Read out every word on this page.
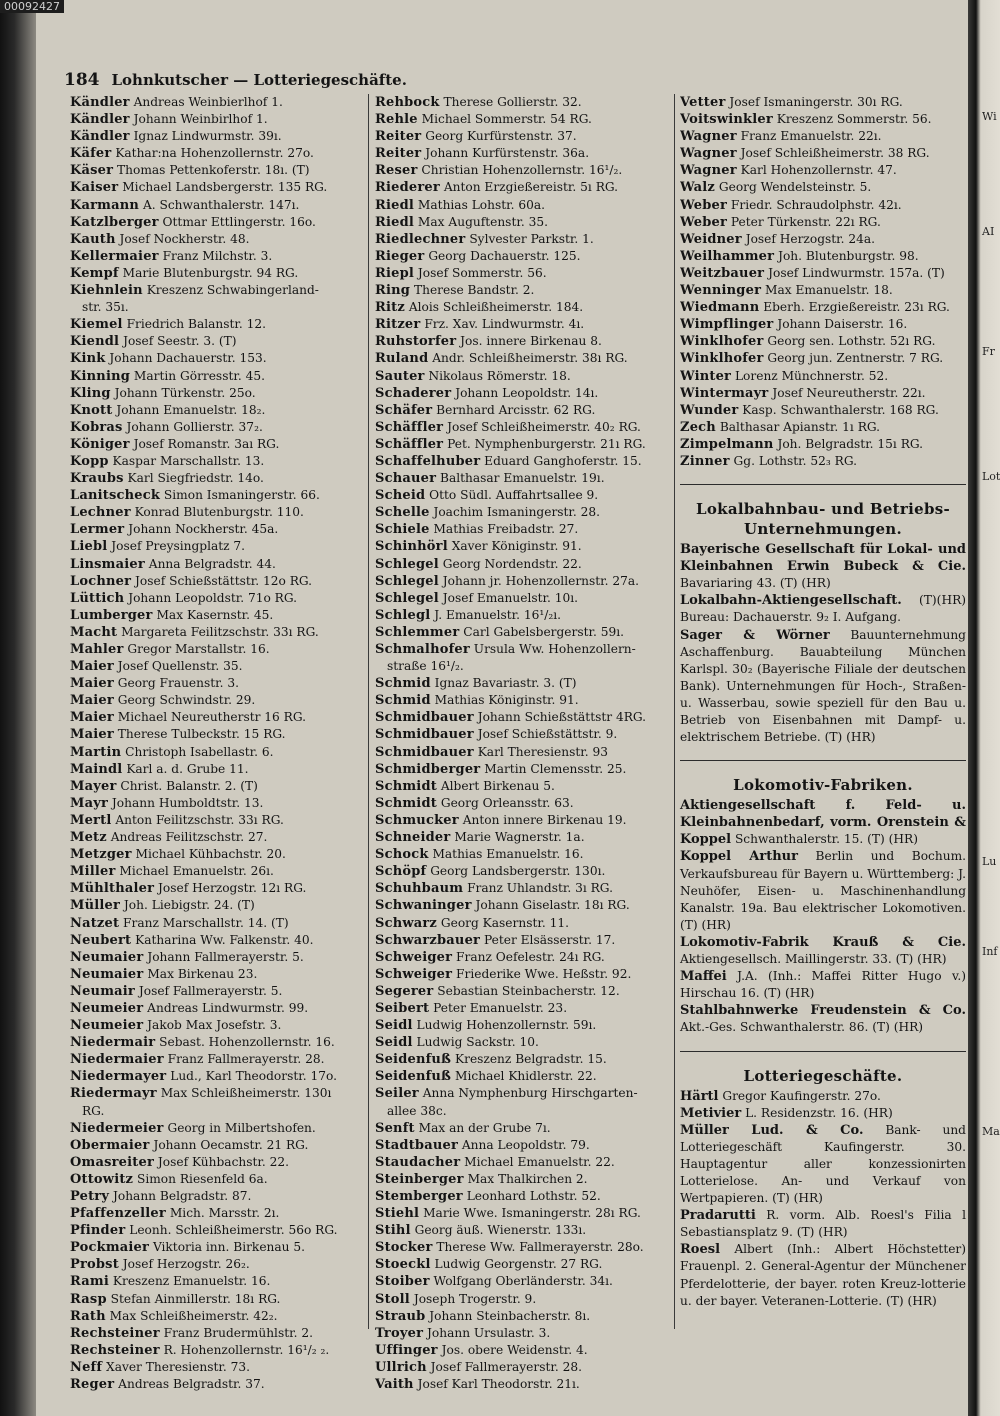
00092427
184 Lohnkutscher — Lotteriegeschäfte.
Kändler Andreas Weinbierlhof 1.
Kändler Johann Weinbirlhof 1.
Kändler Ignaz Lindwurmstr. 39ı.
Käfer Kathar:na Hohenzollernstr. 27o.
Käser Thomas Pettenkoferstr. 18ı. (T)
Kaiser Michael Landsbergerstr. 135 RG.
Karmann A. Schwanthalerstr. 147ı.
Katzlberger Ottmar Ettlingerstr. 16o.
Kauth Josef Nockherstr. 48.
Kellermaier Franz Milchstr. 3.
Kempf Marie Blutenburgstr. 94 RG.
Kiehnlein Kreszenz Schwabingerland-
str. 35ı.
Kiemel Friedrich Balanstr. 12.
Kiendl Josef Seestr. 3. (T)
Kink Johann Dachauerstr. 153.
Kinning Martin Görresstr. 45.
Kling Johann Türkenstr. 25o.
Knott Johann Emanuelstr. 18₂.
Kobras Johann Gollierstr. 37₂.
Königer Josef Romanstr. 3aı RG.
Kopp Kaspar Marschallstr. 13.
Kraubs Karl Siegfriedstr. 14o.
Lanitscheck Simon Ismaningerstr. 66.
Lechner Konrad Blutenburgstr. 110.
Lermer Johann Nockherstr. 45a.
Liebl Josef Preysingplatz 7.
Linsmaier Anna Belgradstr. 44.
Lochner Josef Schießstättstr. 12o RG.
Lüttich Johann Leopoldstr. 71o RG.
Lumberger Max Kasernstr. 45.
Macht Margareta Feilitzschstr. 33ı RG.
Mahler Gregor Marstallstr. 16.
Maier Josef Quellenstr. 35.
Maier Georg Frauenstr. 3.
Maier Georg Schwindstr. 29.
Maier Michael Neureutherstr 16 RG.
Maier Therese Tulbeckstr. 15 RG.
Martin Christoph Isabellastr. 6.
Maindl Karl a. d. Grube 11.
Mayer Christ. Balanstr. 2. (T)
Mayr Johann Humboldtstr. 13.
Mertl Anton Feilitzschstr. 33ı RG.
Metz Andreas Feilitzschstr. 27.
Metzger Michael Kühbachstr. 20.
Miller Michael Emanuelstr. 26ı.
Mühlthaler Josef Herzogstr. 12ı RG.
Müller Joh. Liebigstr. 24. (T)
Natzet Franz Marschallstr. 14. (T)
Neubert Katharina Ww. Falkenstr. 40.
Neumaier Johann Fallmerayerstr. 5.
Neumaier Max Birkenau 23.
Neumair Josef Fallmerayerstr. 5.
Neumeier Andreas Lindwurmstr. 99.
Neumeier Jakob Max Josefstr. 3.
Niedermair Sebast. Hohenzollernstr. 16.
Niedermaier Franz Fallmerayerstr. 28.
Niedermayer Lud., Karl Theodorstr. 17o.
Riedermayr Max Schleißheimerstr. 130ı
RG.
Niedermeier Georg in Milbertshofen.
Obermaier Johann Oecamstr. 21 RG.
Omasreiter Josef Kühbachstr. 22.
Ottowitz Simon Riesenfeld 6a.
Petry Johann Belgradstr. 87.
Pfaffenzeller Mich. Marsstr. 2ı.
Pfinder Leonh. Schleißheimerstr. 56o RG.
Pockmaier Viktoria inn. Birkenau 5.
Probst Josef Herzogstr. 26₂.
Rami Kreszenz Emanuelstr. 16.
Rasp Stefan Ainmillerstr. 18ı RG.
Rath Max Schleißheimerstr. 42₂.
Rechsteiner Franz Brudermühlstr. 2.
Rechsteiner R. Hohenzollernstr. 16¹/₂ ₂.
Neff Xaver Theresienstr. 73.
Reger Andreas Belgradstr. 37.
Rehbock Therese Gollierstr. 32.
Rehle Michael Sommerstr. 54 RG.
Reiter Georg Kurfürstenstr. 37.
Reiter Johann Kurfürstenstr. 36a.
Reser Christian Hohenzollernstr. 16¹/₂.
Riederer Anton Erzgießereistr. 5ı RG.
Riedl Mathias Lohstr. 60a.
Riedl Max Auguftenstr. 35.
Riedlechner Sylvester Parkstr. 1.
Rieger Georg Dachauerstr. 125.
Riepl Josef Sommerstr. 56.
Ring Therese Bandstr. 2.
Ritz Alois Schleißheimerstr. 184.
Ritzer Frz. Xav. Lindwurmstr. 4ı.
Ruhstorfer Jos. innere Birkenau 8.
Ruland Andr. Schleißheimerstr. 38ı RG.
Sauter Nikolaus Römerstr. 18.
Schaderer Johann Leopoldstr. 14ı.
Schäfer Bernhard Arcisstr. 62 RG.
Schäffler Josef Schleißheimerstr. 40₂ RG.
Schäffler Pet. Nymphenburgerstr. 21ı RG.
Schaffelhuber Eduard Ganghoferstr. 15.
Schauer Balthasar Emanuelstr. 19ı.
Scheid Otto Südl. Auffahrtsallee 9.
Schelle Joachim Ismaningerstr. 28.
Schiele Mathias Freibadstr. 27.
Schinhörl Xaver Königinstr. 91.
Schlegel Georg Nordendstr. 22.
Schlegel Johann jr. Hohenzollernstr. 27a.
Schlegel Josef Emanuelstr. 10ı.
Schlegl J. Emanuelstr. 16¹/₂ı.
Schlemmer Carl Gabelsbergerstr. 59ı.
Schmalhofer Ursula Ww. Hohenzollern-
straße 16¹/₂.
Schmid Ignaz Bavariastr. 3. (T)
Schmid Mathias Königinstr. 91.
Schmidbauer Johann Schießstättstr 4RG.
Schmidbauer Josef Schießstättstr. 9.
Schmidbauer Karl Theresienstr. 93
Schmidberger Martin Clemensstr. 25.
Schmidt Albert Birkenau 5.
Schmidt Georg Orleansstr. 63.
Schmucker Anton innere Birkenau 19.
Schneider Marie Wagnerstr. 1a.
Schock Mathias Emanuelstr. 16.
Schöpf Georg Landsbergerstr. 130ı.
Schuhbaum Franz Uhlandstr. 3ı RG.
Schwaninger Johann Giselastr. 18ı RG.
Schwarz Georg Kasernstr. 11.
Schwarzbauer Peter Elsässerstr. 17.
Schweiger Franz Oefelestr. 24ı RG.
Schweiger Friederike Wwe. Heßstr. 92.
Segerer Sebastian Steinbacherstr. 12.
Seibert Peter Emanuelstr. 23.
Seidl Ludwig Hohenzollernstr. 59ı.
Seidl Ludwig Sackstr. 10.
Seidenfuß Kreszenz Belgradstr. 15.
Seidenfuß Michael Khidlerstr. 22.
Seiler Anna Nymphenburg Hirschgarten-
allee 38c.
Senft Max an der Grube 7ı.
Stadtbauer Anna Leopoldstr. 79.
Staudacher Michael Emanuelstr. 22.
Steinberger Max Thalkirchen 2.
Stemberger Leonhard Lothstr. 52.
Stiehl Marie Wwe. Ismaningerstr. 28ı RG.
Stihl Georg äuß. Wienerstr. 133ı.
Stocker Therese Ww. Fallmerayerstr. 28o.
Stoeckl Ludwig Georgenstr. 27 RG.
Stoiber Wolfgang Oberländerstr. 34ı.
Stoll Joseph Trogerstr. 9.
Straub Johann Steinbacherstr. 8ı.
Troyer Johann Ursulastr. 3.
Uffinger Jos. obere Weidenstr. 4.
Ullrich Josef Fallmerayerstr. 28.
Vaith Josef Karl Theodorstr. 21ı.
Vetter Josef Ismaningerstr. 30ı RG.
Voitswinkler Kreszenz Sommerstr. 56.
Wagner Franz Emanuelstr. 22ı.
Wagner Josef Schleißheimerstr. 38 RG.
Wagner Karl Hohenzollernstr. 47.
Walz Georg Wendelsteinstr. 5.
Weber Friedr. Schraudolphstr. 42ı.
Weber Peter Türkenstr. 22ı RG.
Weidner Josef Herzogstr. 24a.
Weilhammer Joh. Blutenburgstr. 98.
Weitzbauer Josef Lindwurmstr. 157a. (T)
Wenninger Max Emanuelstr. 18.
Wiedmann Eberh. Erzgießereistr. 23ı RG.
Wimpflinger Johann Daiserstr. 16.
Winklhofer Georg sen. Lothstr. 52ı RG.
Winklhofer Georg jun. Zentnerstr. 7 RG.
Winter Lorenz Münchnerstr. 52.
Wintermayr Josef Neureutherstr. 22ı.
Wunder Kasp. Schwanthalerstr. 168 RG.
Zech Balthasar Apianstr. 1ı RG.
Zimpelmann Joh. Belgradstr. 15ı RG.
Zinner Gg. Lothstr. 52₃ RG.
Lokalbahnbau- und Betriebs-
Unternehmungen.
Bayerische Gesellschaft für Lokal- und Kleinbahnen Erwin Bubeck & Cie. Bavariaring 43. (T) (HR)
Lokalbahn-Aktiengesellschaft. (T)(HR) Bureau: Dachauerstr. 9₂ I. Aufgang.
Sager & Wörner Bauunternehmung Aschaffenburg. Bauabteilung München Karlspl. 30₂ (Bayerische Filiale der deutschen Bank). Unternehmungen für Hoch-, Straßen- u. Wasserbau, sowie speziell für den Bau u. Betrieb von Eisenbahnen mit Dampf- u. elektrischem Betriebe. (T) (HR)
Lokomotiv-Fabriken.
Aktiengesellschaft f. Feld- u. Kleinbahnenbedarf, vorm. Orenstein & Koppel Schwanthalerstr. 15. (T) (HR)
Koppel Arthur Berlin und Bochum. Verkaufsbureau für Bayern u. Württemberg: J. Neuhöfer, Eisen- u. Maschinenhandlung Kanalstr. 19a. Bau elektrischer Lokomotiven. (T) (HR)
Lokomotiv-Fabrik Krauß & Cie. Aktiengesellsch. Maillingerstr. 33. (T) (HR)
Maffei J.A. (Inh.: Maffei Ritter Hugo v.) Hirschau 16. (T) (HR)
Stahlbahnwerke Freudenstein & Co. Akt.-Ges. Schwanthalerstr. 86. (T) (HR)
Lotteriegeschäfte.
Härtl Gregor Kaufingerstr. 27o.
Metivier L. Residenzstr. 16. (HR)
Müller Lud. & Co. Bank- und Lotteriegeschäft Kaufingerstr. 30. Hauptagentur aller konzessionirten Lotterielose. An- und Verkauf von Wertpapieren. (T) (HR)
Pradarutti R. vorm. Alb. Roesl's Filia l Sebastiansplatz 9. (T) (HR)
Roesl Albert (Inh.: Albert Höchstetter) Frauenpl. 2. General-Agentur der Münchener Pferdelotterie, der bayer. roten Kreuz-lotterie u. der bayer. Veteranen-Lotterie. (T) (HR)
Wi
AI
Fr
Lot
Lu
Inf
Ma
